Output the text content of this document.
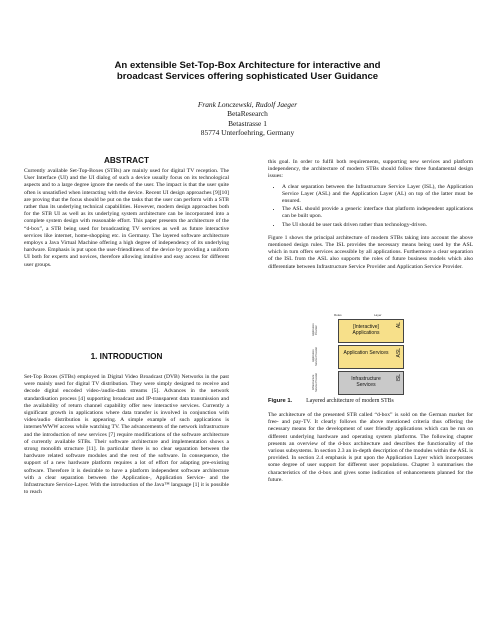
An extensible Set-Top-Box Architecture for interactive and broadcast Services offering sophisticated User Guidance
Frank Lonczewski, Rudolf Jaeger
BetaResearch
Betastrasse 1
85774 Unterfoehring, Germany
ABSTRACT

Currently available Set-Top-Boxes (STBs) are mainly used for digital TV reception. The User Interface (UI) and the UI dialog of such a device usually focus on its technological aspects and to a large degree ignore the needs of the user. The impact is that the user quite often is unsatisfied when interacting with the device. Recent UI design approaches [9][10] are proving that the focus should be put on the tasks that the user can perform with a STB rather than its underlying technical capabilities. However, modern design approaches both for the STB UI as well as its underlying system architecture can be incorporated into a complete system design with reasonable effort. This paper presents the architecture of the “d-box”, a STB being used for broadcasting TV services as well as future interactive services like internet, home-shopping etc. in Germany. The layered software architecture employs a Java Virtual Machine offering a high degree of independency of its underlying hardware. Emphasis is put upon the user-friendliness of the device by providing a uniform UI both for experts and novices, therefore allowing intuitive and easy access for different user groups.

1. INTRODUCTION

Set-Top Boxes (STBs) employed in Digital Video Broadcast (DVB) Networks in the past were mainly used for digital TV distribution. They were simply designed to receive and decode digital encoded video-/audio-data streams [5]. Advances in the network standardisation process [4] supporting broadcast and IP-transparent data transmission and the availability of return channel capability offer new interactive services. Currently a significant growth in applications where data transfer is involved in conjunction with video/audio distribution is appearing. A simple example of such applications is internet/WWW access while watching TV. The advancements of the network infrastructure and the introduction of new services [7] require modifications of the software architecture of currently available STBs. Their software architecture and implementation shows a strong monolith structure [11]. In particular there is no clear separation between the hardware related software modules and the rest of the software. In consequence, the support of a new hardware platform requires a lot of effort for adapting pre-existing software. Therefore it is desirable to have a platform independent software architecture with a clear separation between the Application-, Application Service- and the Infrastructure Service-Layer. With the introduction of the Java™ language [1] it is possible to reach

this goal. In order to fulfil both requirements, supporting new services and platform independency, the architecture of modern STBs should follow three fundamental design issues:

• A clear separation between the Infrastructure Service Layer (ISL), the Application Service Layer (ASL) and the Application Layer (AL) on top of the latter must be ensured.
• The ASL should provide a generic interface that platform independent applications can be built upon.
• The UI should be user task driven rather than technology-driven.

Figure 1 shows the principal architecture of modern STBs taking into account the above mentioned design rules. The ISL provides the necessary means being used by the ASL which in turn offers services accessible by all applications. Furthermore a clear separation of the ISL from the ASL also supports the roles of future business models which also differentiate between Infrastructure Service Provider and Application Service Provider.

Roles	Layer
Application Provider	[Interactive] Applications
AL
Application Service Provider	Application Services	ASL
Infrastructure Service Provider	Infrastructure Services
ISL
Figure 1. Layered architecture of modern STBs

The architecture of the presented STB called “d-box” is sold on the German market for free- and pay-TV. It clearly follows the above mentioned criteria thus offering the necessary means for the development of user friendly applications which can be run on different underlying hardware and operating system platforms. The following chapter presents an overview of the d-box architecture and describes the functionality of the various subsystems. In section 2.3 an in-depth description of the modules within the ASL is provided. In section 2.4 emphasis is put upon the Application Layer which incorporates some degree of user support for different user populations. Chapter 3 summarises the characteristics of the d-box and gives some indication of enhancements planned for the future.
